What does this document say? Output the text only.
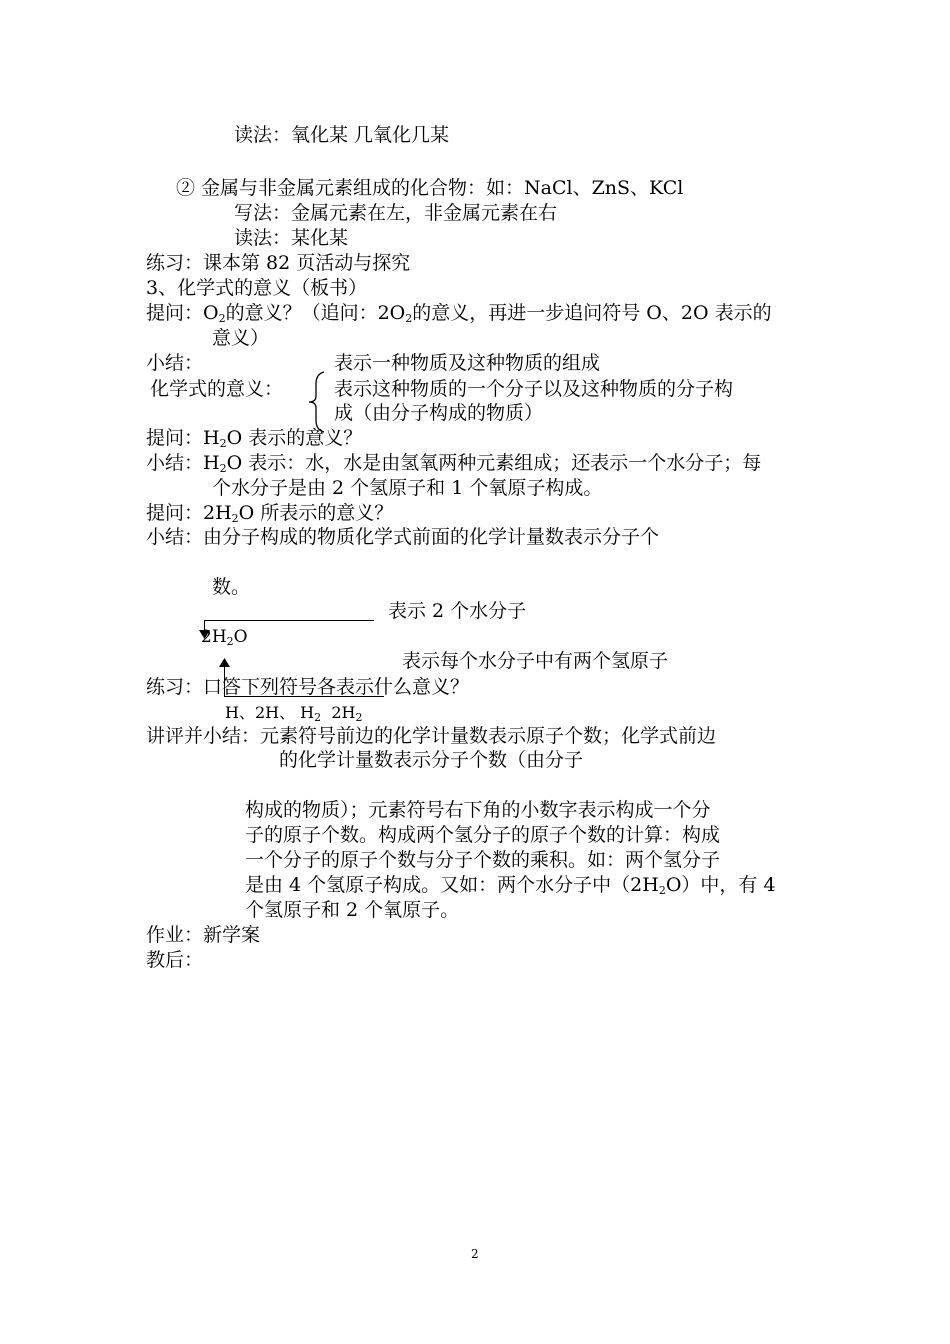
读法：氧化某 几氧化几某
② 金属与非金属元素组成的化合物：如：NaCl、ZnS、KCl
写法：金属元素在左，非金属元素在右
读法：某化某
练习：课本第 82 页活动与探究
3、化学式的意义（板书）
提问：$O_2$的意义？（追问：$2O_2$的意义，再进一步追问符号 O、2O 表示的
意义）
小结：	表示一种物质及这种物质的组成
化学式的意义：	表示这种物质的一个分子以及这种物质的分子构
成（由分子构成的物质）
提问：$H_2O$ 表示的意义？
小结：$H_2O$ 表示：水，水是由氢氧两种元素组成；还表示一个水分子；每
个水分子是由 2 个氢原子和 1 个氧原子构成。
提问：$2H_2O$ 所表示的意义？
小结：由分子构成的物质化学式前面的化学计量数表示分子个
数。
表示 2 个水分子
$2H_2O$
表示每个水分子中有两个氢原子
练习：口答下列符号各表示什么意义？
H、2H、 $H_2$  $2H_2$
讲评并小结：元素符号前边的化学计量数表示原子个数；化学式前边
的化学计量数表示分子个数（由分子
构成的物质）；元素符号右下角的小数字表示构成一个分
子的原子个数。构成两个氢分子的原子个数的计算：构成
一个分子的原子个数与分子个数的乘积。如：两个氢分子
是由 4 个氢原子构成。又如：两个水分子中$(2H_2O)$中，有 4
个氢原子和 2 个氧原子。
作业：新学案
教后：
2
